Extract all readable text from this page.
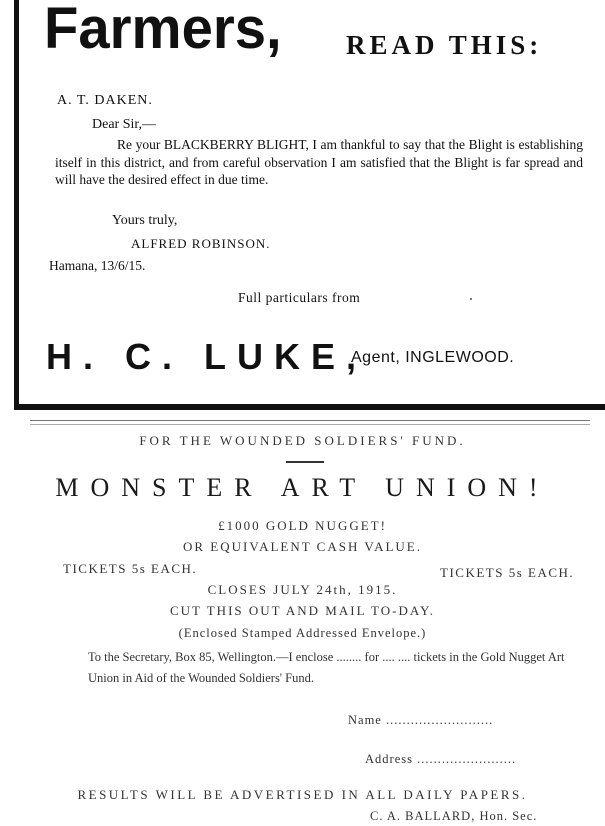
Farmers, READ THIS:
A. T. DAKEN.
Dear Sir,—
Re your BLACKBERRY BLIGHT, I am thankful to say that the Blight is establishing itself in this district, and from careful observation I am satisfied that the Blight is far spread and will have the desired effect in due time.
Yours truly,
ALFRED ROBINSON.
Hamana, 13/6/15.
Full particulars from
H. C. LUKE,
Agent, INGLEWOOD.
FOR THE WOUNDED SOLDIERS' FUND.
MONSTER ART UNION!
£1000 GOLD NUGGET!
OR EQUIVALENT CASH VALUE.
TICKETS 5s EACH.	TICKETS 5s EACH.
CLOSES JULY 24th, 1915.
CUT THIS OUT AND MAIL TO-DAY.
(Enclosed Stamped Addressed Envelope.)
To the Secretary, Box 85, Wellington.—I enclose ........ for .... .... tickets in the Gold Nugget Art Union in Aid of the Wounded Soldiers' Fund.
Name ..........................
Address ........................
RESULTS WILL BE ADVERTISED IN ALL DAILY PAPERS.
C. A. BALLARD, Hon. Sec.
